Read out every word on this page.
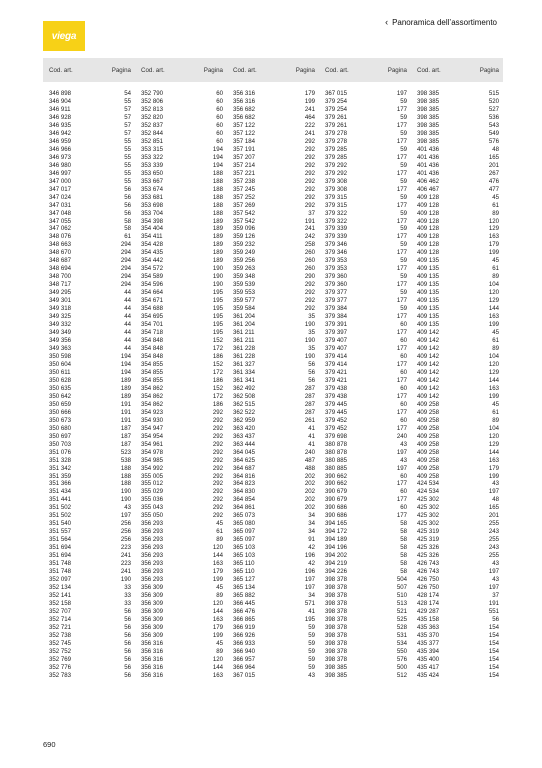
viega
‹ Panoramica dell’assortimento
Cod. art.	Pagina Cod. art.	Pagina Cod. art.	Pagina Cod. art.	Pagina Cod. art.	Pagina
346 898	54
346 904	55
346 911	57
346 928	57
346 935	57
346 942	57
346 959	55
346 966	55
346 973	55
346 980	55
346 997	55
347 000	55
347 017	56
347 024	56
347 031	56
347 048	56
347 055	58
347 062	58
348 076	61
348 663	294
348 670	294
348 687	294
348 694	294
348 700	294
348 717	294
349 295	44
349 301	44
349 318	44
349 325	44
349 332	44
349 349	44
349 356	44
349 363	44
350 598	194
350 604	194
350 611	194
350 628	189
350 635	189
350 642	189
350 659	191
350 666	191
350 673	191
350 680	187
350 697	187
350 703	187
351 076	523
351 328	538
351 342	188
351 359	188
351 366	188
351 434	190
351 441	190
351 502	43
351 502	197
351 540	256
351 557	256
351 564	256
351 694	223
351 694	241
351 748	223
351 748	241
352 097	190
352 134	33
352 141	33
352 158	33
352 707	56
352 714	56
352 721	56
352 738	56
352 745	56
352 752	56
352 769	56
352 776	56
352 783	56
352 790	60
352 806	60
352 813	60
352 820	60
352 837	60
352 844	60
352 851	60
353 315	194
353 322	194
353 339	194
353 650	188
353 667	188
353 674	188
353 681	188
353 698	188
353 704	188
354 398	189
354 404	189
354 411	189
354 428	189
354 435	189
354 442	189
354 572	190
354 589	190
354 596	190
354 664	195
354 671	195
354 688	195
354 695	195
354 701	195
354 718	195
354 848	152
354 848	172
354 848	186
354 855	152
354 855	172
354 855	186
354 862	152
354 862	172
354 862	186
354 923	292
354 930	292
354 947	292
354 954	292
354 961	292
354 978	292
354 985	292
354 992	292
355 005	292
355 012	292
355 029	292
355 036	292
355 043	292
355 050	292
356 293	45
356 293	61
356 293	89
356 293	120
356 293	144
356 293	163
356 293	179
356 293	199
356 309	45
356 309	89
356 309	120
356 309	144
356 309	163
356 309	179
356 309	199
356 316	45
356 316	89
356 316	120
356 316	144
356 316	163
356 316	179
356 316	199
356 682	241
356 682	464
357 122	222
357 122	241
357 184	292
357 191	292
357 207	292
357 214	292
357 221	292
357 238	292
357 245	292
357 252	292
357 269	292
357 542	37
357 542	191
359 096	241
359 126	242
359 232	258
359 249	260
359 256	260
359 263	260
359 348	290
359 539	292
359 553	292
359 577	292
359 584	292
361 204	35
361 204	190
361 211	35
361 211	190
361 228	35
361 228	190
361 327	56
361 334	56
361 341	56
362 492	287
362 508	287
362 515	287
362 522	287
362 959	261
363 420	41
363 437	41
363 444	41
364 045	240
364 625	487
364 687	488
364 816	202
364 823	202
364 830	202
364 854	202
364 861	202
365 073	34
365 080	34
365 097	34
365 097	91
365 103	42
365 103	196
365 110	42
365 110	196
365 127	197
365 134	197
365 882	34
366 445	571
366 476	41
366 865	195
366 919	59
366 926	59
366 933	59
366 940	59
366 957	59
366 964	59
367 015	43
367 015	197
379 254	59
379 254	177
379 261	59
379 261	177
379 278	59
379 278	177
379 285	59
379 285	177
379 292	59
379 292	177
379 308	59
379 308	177
379 315	59
379 315	177
379 322	59
379 322	177
379 339	59
379 339	177
379 346	59
379 346	177
379 353	59
379 353	177
379 360	59
379 360	177
379 377	59
379 377	177
379 384	59
379 384	177
379 391	60
379 397	177
379 407	60
379 407	177
379 414	60
379 414	177
379 421	60
379 421	177
379 438	60
379 438	177
379 445	60
379 445	177
379 452	60
379 452	177
379 698	240
380 878	43
380 878	197
380 885	43
380 885	197
390 662	60
390 662	177
390 679	60
390 679	177
390 686	60
390 686	177
394 165	58
394 172	58
394 189	58
394 196	58
394 202	58
394 219	58
394 226	58
398 378	504
398 378	507
398 378	510
398 378	513
398 378	521
398 378	525
398 378	528
398 378	531
398 378	534
398 378	550
398 378	576
398 385	500
398 385	512
398 385	515
398 385	520
398 385	527
398 385	536
398 385	543
398 385	549
398 385	576
401 436	48
401 436	165
401 436	201
401 436	267
406 462	476
406 467	477
409 128	45
409 128	61
409 128	89
409 128	120
409 128	129
409 128	163
409 128	179
409 128	199
409 135	45
409 135	61
409 135	89
409 135	104
409 135	120
409 135	129
409 135	144
409 135	163
409 135	199
409 142	45
409 142	61
409 142	89
409 142	104
409 142	120
409 142	129
409 142	144
409 142	163
409 142	199
409 258	45
409 258	61
409 258	89
409 258	104
409 258	120
409 258	129
409 258	144
409 258	163
409 258	179
409 258	199
424 534	43
424 534	197
425 302	48
425 302	165
425 302	201
425 302	255
425 319	243
425 319	255
425 326	243
425 326	255
426 743	43
426 743	197
426 750	43
426 750	197
428 174	37
428 174	191
429 287	551
435 158	56
435 363	154
435 370	154
435 377	154
435 394	154
435 400	154
435 417	154
435 424	154
690
